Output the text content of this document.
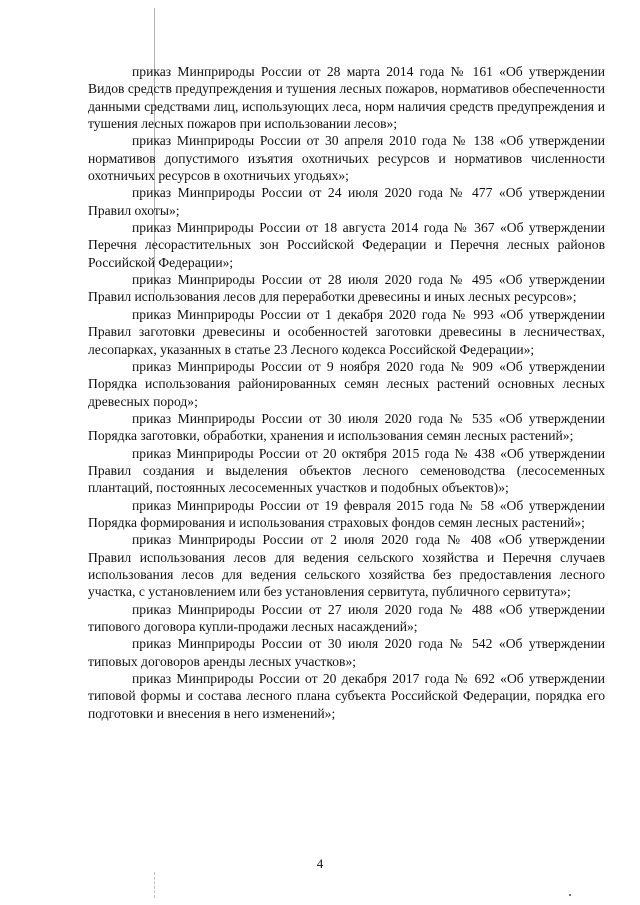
приказ Минприроды России от 28 марта 2014 года № 161 «Об утверждении Видов средств предупреждения и тушения лесных пожаров, нормативов обеспеченности данными средствами лиц, использующих леса, норм наличия средств предупреждения и тушения лесных пожаров при использовании лесов»;

приказ Минприроды России от 30 апреля 2010 года № 138 «Об утверждении нормативов допустимого изъятия охотничьих ресурсов и нормативов численности охотничьих ресурсов в охотничьих угодьях»;

приказ Минприроды России от 24 июля 2020 года № 477 «Об утверждении Правил охоты»;

приказ Минприроды России от 18 августа 2014 года № 367 «Об утверждении Перечня лесорастительных зон Российской Федерации и Перечня лесных районов Российской Федерации»;

приказ Минприроды России от 28 июля 2020 года № 495 «Об утверждении Правил использования лесов для переработки древесины и иных лесных ресурсов»;

приказ Минприроды России от 1 декабря 2020 года № 993 «Об утверждении Правил заготовки древесины и особенностей заготовки древесины в лесничествах, лесопарках, указанных в статье 23 Лесного кодекса Российской Федерации»;

приказ Минприроды России от 9 ноября 2020 года № 909 «Об утверждении Порядка использования районированных семян лесных растений основных лесных древесных пород»;

приказ Минприроды России от 30 июля 2020 года № 535 «Об утверждении Порядка заготовки, обработки, хранения и использования семян лесных растений»;

приказ Минприроды России от 20 октября 2015 года № 438 «Об утверждении Правил создания и выделения объектов лесного семеноводства (лесосеменных плантаций, постоянных лесосеменных участков и подобных объектов)»;

приказ Минприроды России от 19 февраля 2015 года № 58 «Об утверждении Порядка формирования и использования страховых фондов семян лесных растений»;

приказ Минприроды России от 2 июля 2020 года № 408 «Об утверждении Правил использования лесов для ведения сельского хозяйства и Перечня случаев использования лесов для ведения сельского хозяйства без предоставления лесного участка, с установлением или без установления сервитута, публичного сервитута»;

приказ Минприроды России от 27 июля 2020 года № 488 «Об утверждении типового договора купли-продажи лесных насаждений»;

приказ Минприроды России от 30 июля 2020 года № 542 «Об утверждении типовых договоров аренды лесных участков»;

приказ Минприроды России от 20 декабря 2017 года № 692 «Об утверждении типовой формы и состава лесного плана субъекта Российской Федерации, порядка его подготовки и внесения в него изменений»;

4
